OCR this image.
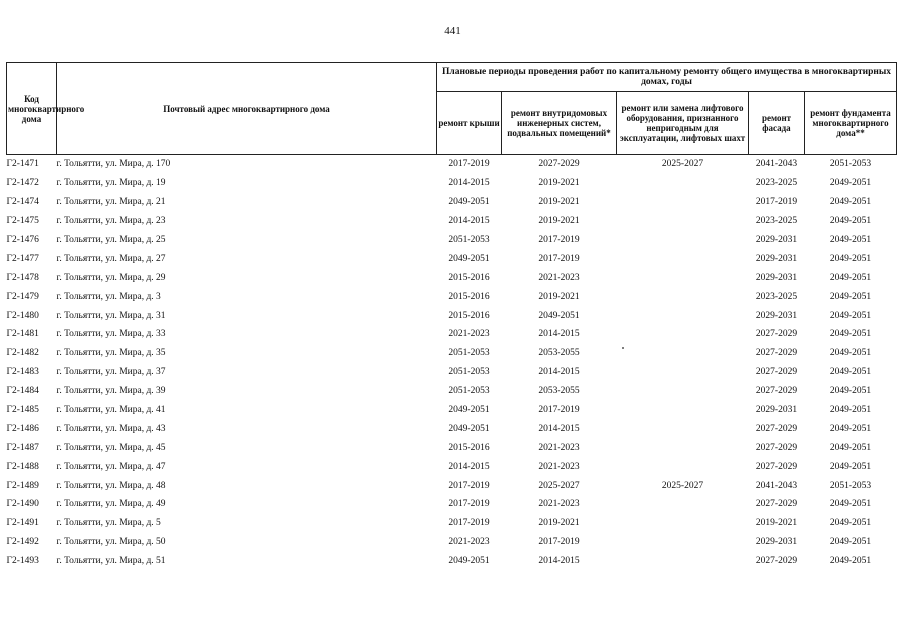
441
Код многоквартирного дома	Почтовый адрес многоквартирного дома	Плановые периоды проведения работ по капитальному ремонту общего имущества в многоквартирных домах, годы				
		ремонт крыши	ремонт внутридомовых инженерных систем, подвальных помещений*	ремонт или замена лифтового оборудования, признанного непригодным для эксплуатации, лифтовых шахт	ремонт фасада	ремонт фундамента многоквартирного дома**
Г2-1471	г. Тольятти, ул. Мира, д. 170	2017-2019	2027-2029	2025-2027	2041-2043	2051-2053
Г2-1472	г. Тольятти, ул. Мира, д. 19	2014-2015	2019-2021		2023-2025	2049-2051
Г2-1474	г. Тольятти, ул. Мира, д. 21	2049-2051	2019-2021		2017-2019	2049-2051
Г2-1475	г. Тольятти, ул. Мира, д. 23	2014-2015	2019-2021		2023-2025	2049-2051
Г2-1476	г. Тольятти, ул. Мира, д. 25	2051-2053	2017-2019		2029-2031	2049-2051
Г2-1477	г. Тольятти, ул. Мира, д. 27	2049-2051	2017-2019		2029-2031	2049-2051
Г2-1478	г. Тольятти, ул. Мира, д. 29	2015-2016	2021-2023		2029-2031	2049-2051
Г2-1479	г. Тольятти, ул. Мира, д. 3	2015-2016	2019-2021		2023-2025	2049-2051
Г2-1480	г. Тольятти, ул. Мира, д. 31	2015-2016	2049-2051		2029-2031	2049-2051
Г2-1481	г. Тольятти, ул. Мира, д. 33	2021-2023	2014-2015		2027-2029	2049-2051
Г2-1482	г. Тольятти, ул. Мира, д. 35	2051-2053	2053-2055		2027-2029	2049-2051
Г2-1483	г. Тольятти, ул. Мира, д. 37	2051-2053	2014-2015		2027-2029	2049-2051
Г2-1484	г. Тольятти, ул. Мира, д. 39	2051-2053	2053-2055		2027-2029	2049-2051
Г2-1485	г. Тольятти, ул. Мира, д. 41	2049-2051	2017-2019		2029-2031	2049-2051
Г2-1486	г. Тольятти, ул. Мира, д. 43	2049-2051	2014-2015		2027-2029	2049-2051
Г2-1487	г. Тольятти, ул. Мира, д. 45	2015-2016	2021-2023		2027-2029	2049-2051
Г2-1488	г. Тольятти, ул. Мира, д. 47	2014-2015	2021-2023		2027-2029	2049-2051
Г2-1489	г. Тольятти, ул. Мира, д. 48	2017-2019	2025-2027	2025-2027	2041-2043	2051-2053
Г2-1490	г. Тольятти, ул. Мира, д. 49	2017-2019	2021-2023		2027-2029	2049-2051
Г2-1491	г. Тольятти, ул. Мира, д. 5	2017-2019	2019-2021		2019-2021	2049-2051
Г2-1492	г. Тольятти, ул. Мира, д. 50	2021-2023	2017-2019		2029-2031	2049-2051
Г2-1493	г. Тольятти, ул. Мира, д. 51	2049-2051	2014-2015		2027-2029	2049-2051
